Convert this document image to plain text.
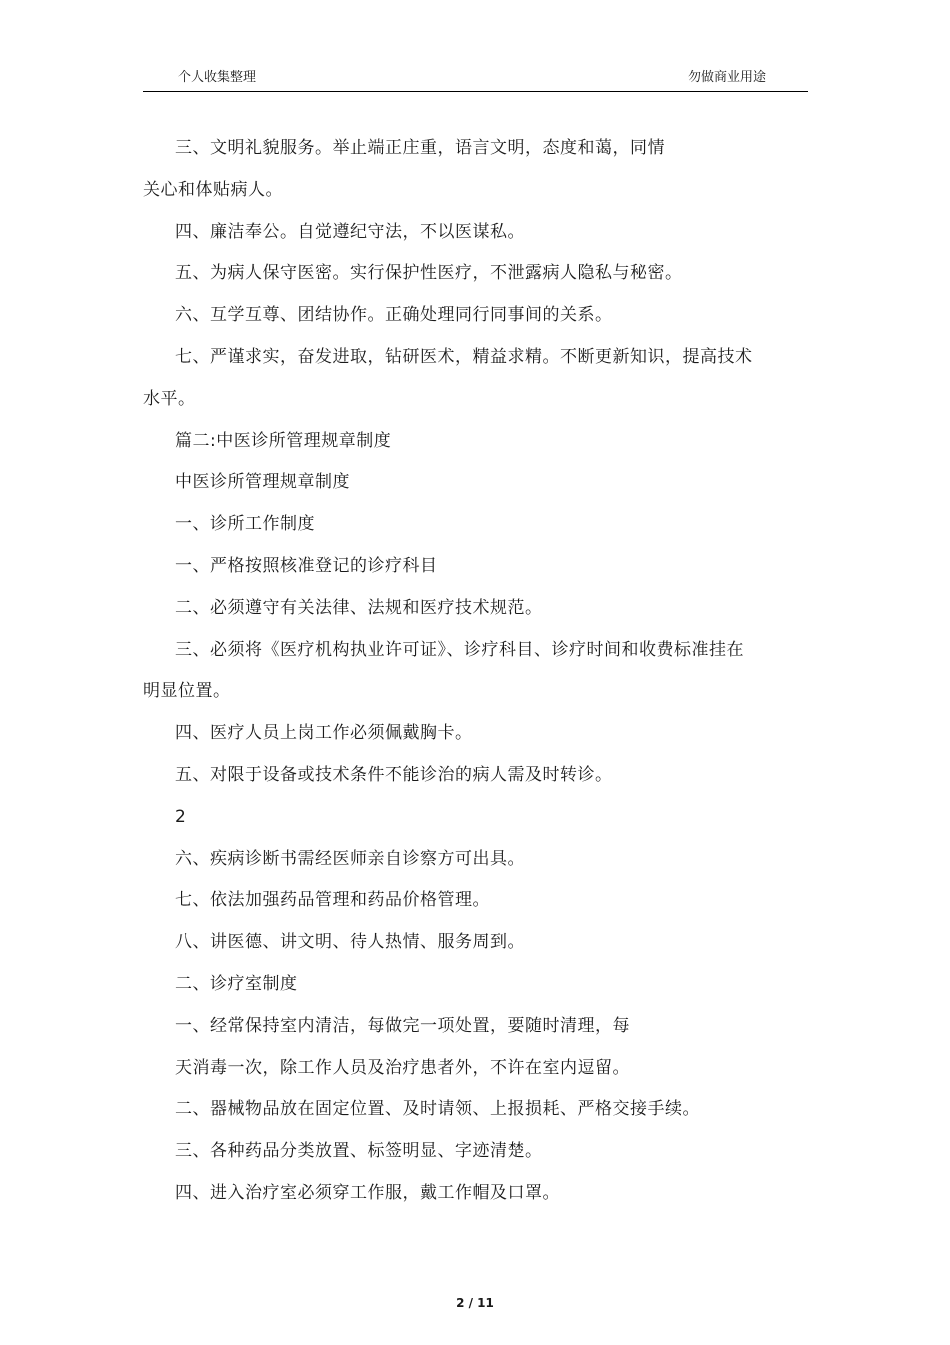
个人收集整理	勿做商业用途
三、文明礼貌服务。举止端正庄重，语言文明，态度和蔼，同情
关心和体贴病人。
四、廉洁奉公。自觉遵纪守法，不以医谋私。
五、为病人保守医密。实行保护性医疗，不泄露病人隐私与秘密。
六、互学互尊、团结协作。正确处理同行同事间的关系。
七、严谨求实，奋发进取，钻研医术，精益求精。不断更新知识，提高技术
水平。
篇二:中医诊所管理规章制度
中医诊所管理规章制度
一、诊所工作制度
一、严格按照核准登记的诊疗科目
二、必须遵守有关法律、法规和医疗技术规范。
三、必须将《医疗机构执业许可证》、诊疗科目、诊疗时间和收费标准挂在
明显位置。
四、医疗人员上岗工作必须佩戴胸卡。
五、对限于设备或技术条件不能诊治的病人需及时转诊。
2
六、疾病诊断书需经医师亲自诊察方可出具。
七、依法加强药品管理和药品价格管理。
八、讲医德、讲文明、待人热情、服务周到。
二、诊疗室制度
一、经常保持室内清洁，每做完一项处置，要随时清理，每
天消毒一次，除工作人员及治疗患者外，不许在室内逗留。
二、器械物品放在固定位置、及时请领、上报损耗、严格交接手续。
三、各种药品分类放置、标签明显、字迹清楚。
四、进入治疗室必须穿工作服，戴工作帽及口罩。
2 / 11
